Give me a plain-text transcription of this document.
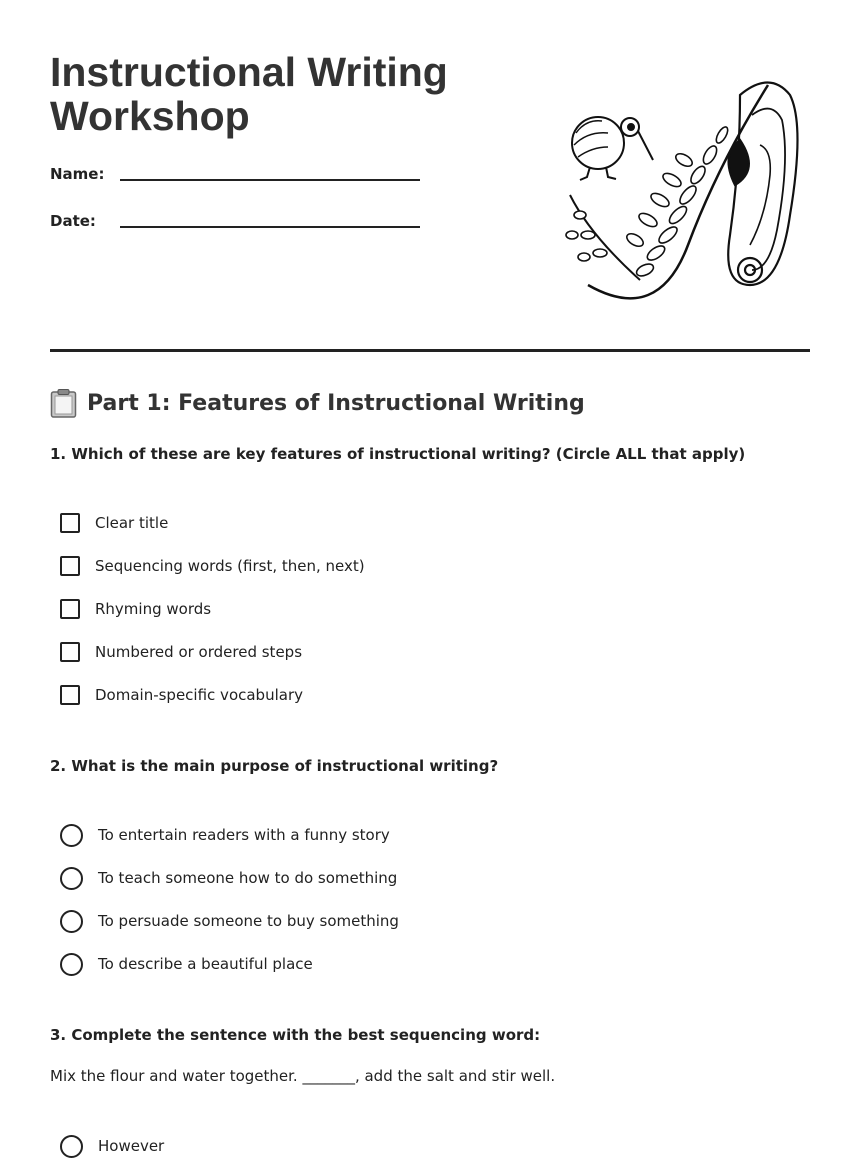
Instructional Writing Workshop
Name:
Date:
Part 1: Features of Instructional Writing
1. Which of these are key features of instructional writing? (Circle ALL that apply)
Clear title
Sequencing words (first, then, next)
Rhyming words
Numbered or ordered steps
Domain-specific vocabulary
2. What is the main purpose of instructional writing?
To entertain readers with a funny story
To teach someone how to do something
To persuade someone to buy something
To describe a beautiful place
3. Complete the sentence with the best sequencing word:
Mix the flour and water together. _______, add the salt and stir well.
However
